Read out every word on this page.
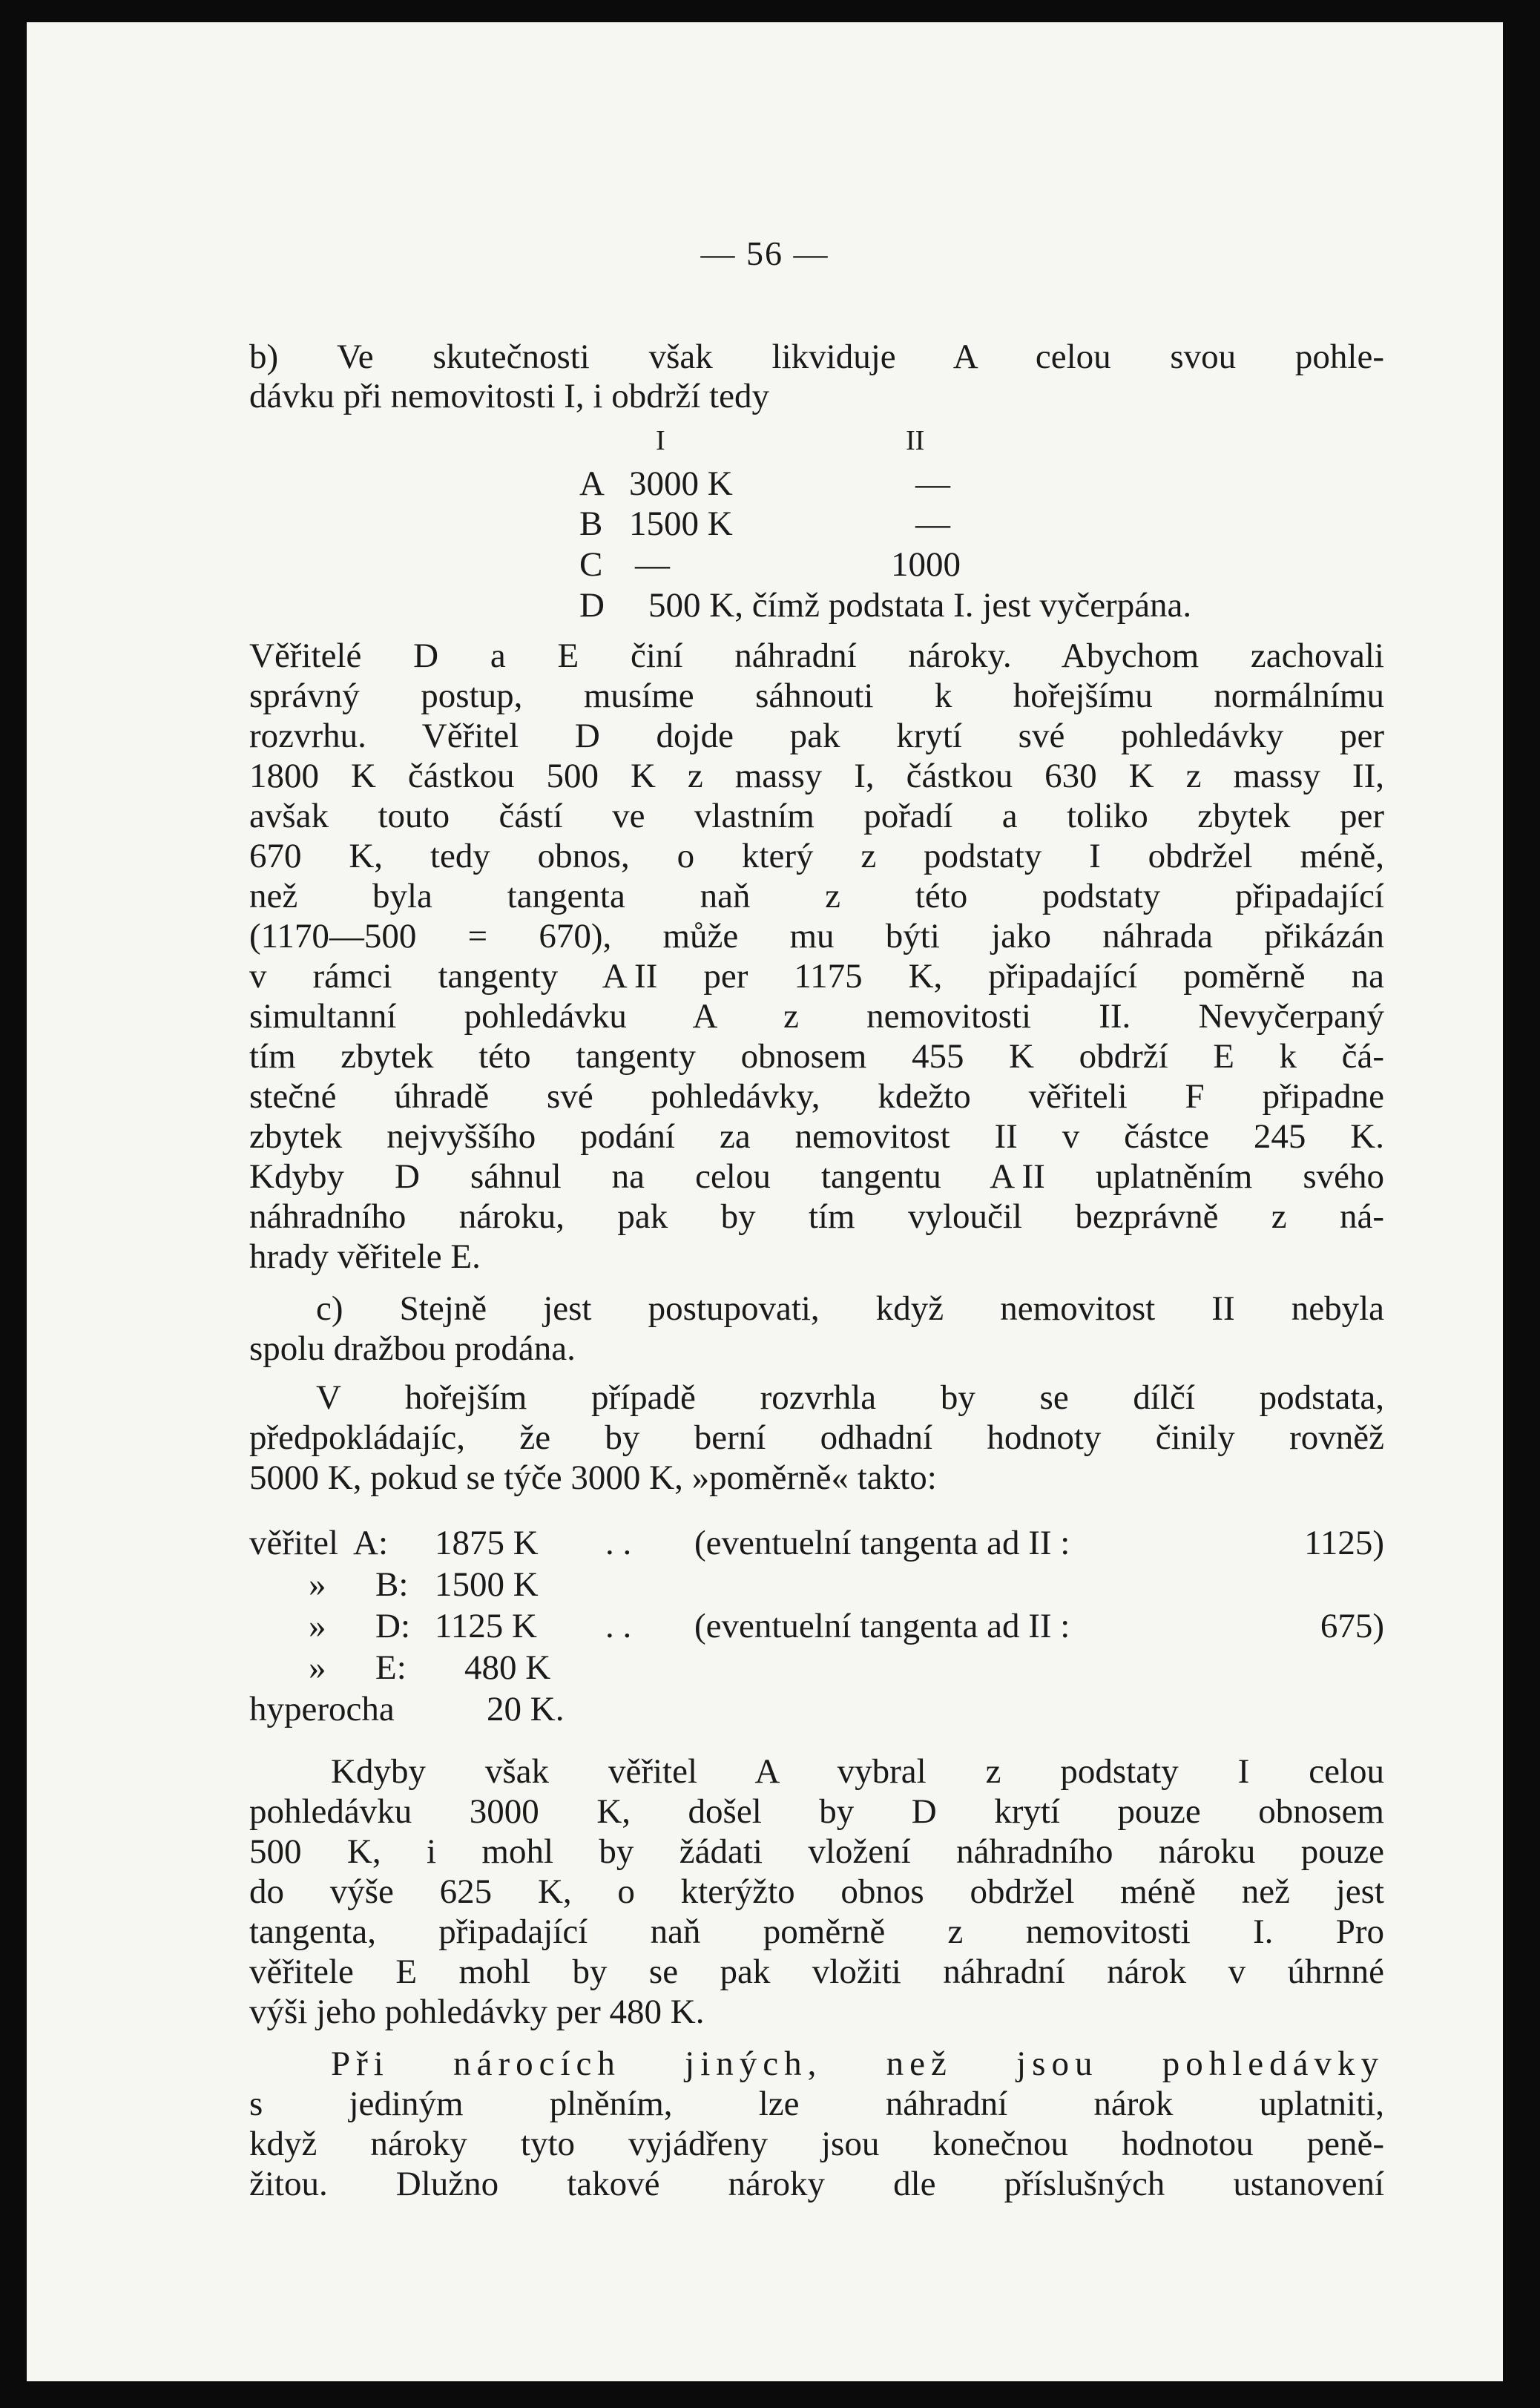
— 56 —
b) Ve skutečnosti však likviduje A celou svou pohle-
dávku při nemovitosti I, i obdrží tedy
I	II
A 3000 K	—
B 1500 K	—
C —	1000
D 500 K, čímž podstata I. jest vyčerpána.
Věřitelé D a E činí náhradní nároky. Abychom zachovali
správný postup, musíme sáhnouti k hořejšímu normálnímu
rozvrhu. Věřitel D dojde pak krytí své pohledávky per
1800 K částkou 500 K z massy I, částkou 630 K z massy II,
avšak touto částí ve vlastním pořadí a toliko zbytek per
670 K, tedy obnos, o který z podstaty I obdržel méně,
než byla tangenta naň z této podstaty připadající
(1170—500 = 670), může mu býti jako náhrada přikázán
v rámci tangenty A II per 1175 K, připadající poměrně na
simultanní pohledávku A z nemovitosti II. Nevyčerpaný
tím zbytek této tangenty obnosem 455 K obdrží E k čá-
stečné úhradě své pohledávky, kdežto věřiteli F připadne
zbytek nejvyššího podání za nemovitost II v částce 245 K.
Kdyby D sáhnul na celou tangentu A II uplatněním svého
náhradního nároku, pak by tím vyloučil bezprávně z ná-
hrady věřitele E.
c) Stejně jest postupovati, když nemovitost II nebyla
spolu dražbou prodána.
V hořejším případě rozvrhla by se dílčí podstata,
předpokládajíc, že by berní odhadní hodnoty činily rovněž
5000 K, pokud se týče 3000 K, »poměrně« takto:
věřitel A: 1875 K . . (eventuelní tangenta ad II :	1125)
» B: 1500 K
» D: 1125 K . . (eventuelní tangenta ad II :	675)
» E: 480 K
hyperocha	20 K.
Kdyby však věřitel A vybral z podstaty I celou
pohledávku 3000 K, došel by D krytí pouze obnosem
500 K, i mohl by žádati vložení náhradního nároku pouze
do výše 625 K, o kterýžto obnos obdržel méně než jest
tangenta, připadající naň poměrně z nemovitosti I. Pro
věřitele E mohl by se pak vložiti náhradní nárok v úhrnné
výši jeho pohledávky per 480 K.
Při nárocích jiných, než jsou pohledávky
s jediným plněním, lze náhradní nárok uplatniti,
když nároky tyto vyjádřeny jsou konečnou hodnotou peně-
žitou. Dlužno takové nároky dle příslušných ustanovení
